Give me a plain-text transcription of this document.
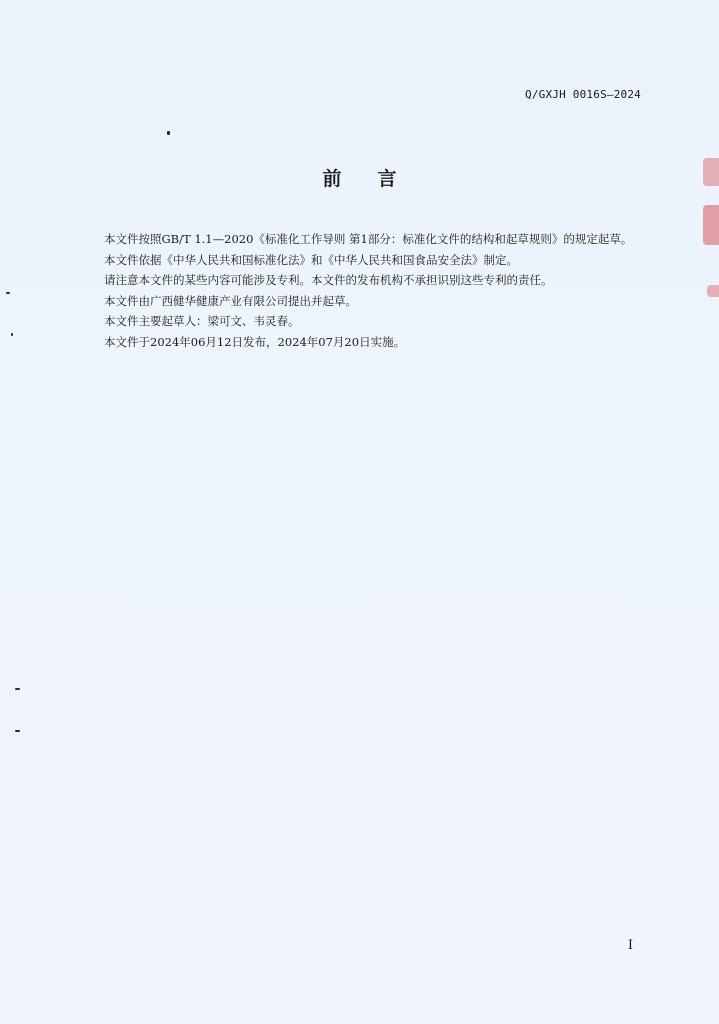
Q/GXJH 0016S—2024
前言

本文件按照GB/T 1.1—2020《标准化工作导则 第1部分：标准化文件的结构和起草规则》的规定起草。

本文件依据《中华人民共和国标准化法》和《中华人民共和国食品安全法》制定。

请注意本文件的某些内容可能涉及专利。本文件的发布机构不承担识别这些专利的责任。

本文件由广西健华健康产业有限公司提出并起草。

本文件主要起草人：梁可文、韦灵春。

本文件于2024年06月12日发布，2024年07月20日实施。

I
